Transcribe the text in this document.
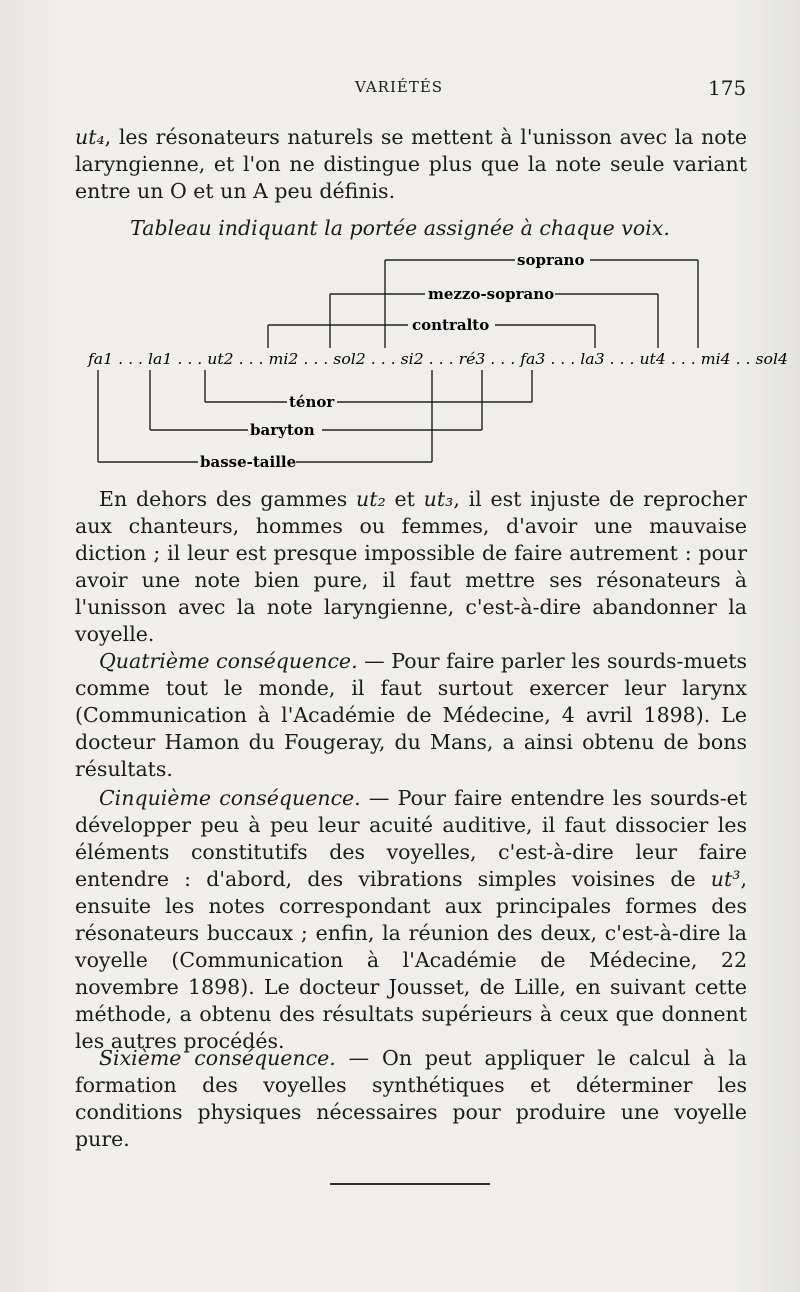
VARIÉTÉS	175

ut₄, les résonateurs naturels se mettent à l'unisson avec la note laryngienne, et l'on ne distingue plus que la note seule variant entre un O et un A peu définis.

Tableau indiquant la portée assignée à chaque voix.
soprano
mezzo-soprano
contralto
fa1 . . . la1 . . . ut2 . . . mi2 . . . sol2 . . . si2 . . . ré3 . . . fa3 . . . la3 . . . ut4 . . . mi4 . . sol4
ténor
baryton
basse-taille

En dehors des gammes ut₂ et ut₃, il est injuste de reprocher aux chanteurs, hommes ou femmes, d'avoir une mauvaise diction ; il leur est presque impossible de faire autrement : pour avoir une note bien pure, il faut mettre ses résonateurs à l'unisson avec la note laryngienne, c'est-à-dire abandonner la voyelle.

Quatrième conséquence. — Pour faire parler les sourds-muets comme tout le monde, il faut surtout exercer leur larynx (Communication à l'Académie de Médecine, 4 avril 1898). Le docteur Hamon du Fougeray, du Mans, a ainsi obtenu de bons résultats.

Cinquième conséquence. — Pour faire entendre les sourds-et développer peu à peu leur acuité auditive, il faut dissocier les éléments constitutifs des voyelles, c'est-à-dire leur faire entendre : d'abord, des vibrations simples voisines de ut³, ensuite les notes correspondant aux principales formes des résonateurs buccaux ; enfin, la réunion des deux, c'est-à-dire la voyelle (Communication à l'Académie de Médecine, 22 novembre 1898). Le docteur Jousset, de Lille, en suivant cette méthode, a obtenu des résultats supérieurs à ceux que donnent les autres procédés.

Sixième conséquence. — On peut appliquer le calcul à la formation des voyelles synthétiques et déterminer les conditions physiques nécessaires pour produire une voyelle pure.
